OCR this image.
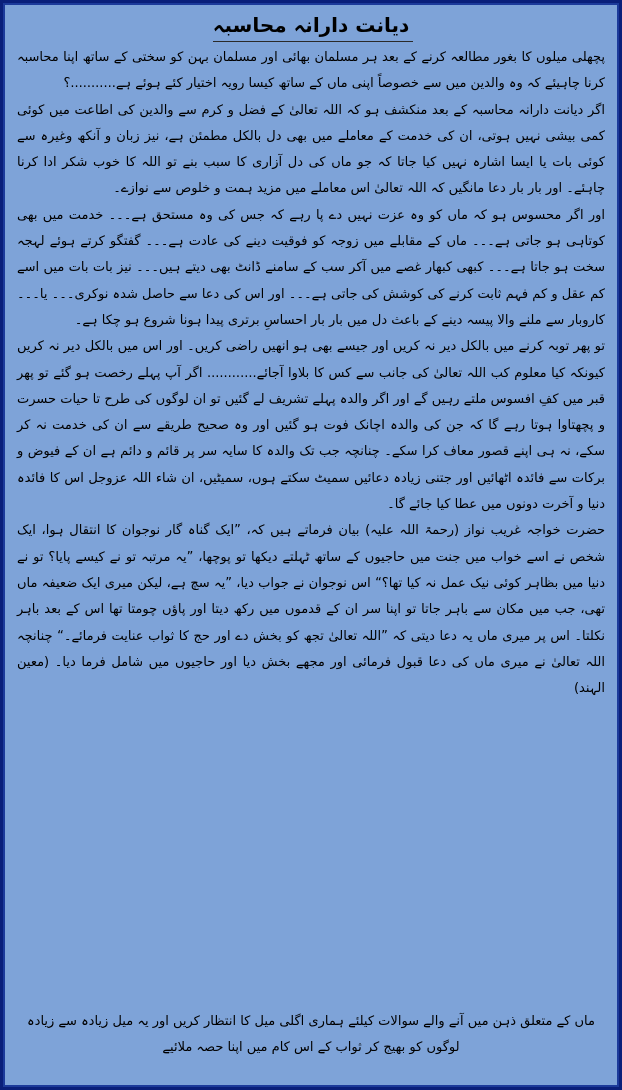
دیانت دارانہ محاسبہ

پچھلی میلوں کا بغور مطالعہ کرنے کے بعد ہر مسلمان بھائی اور مسلمان بہن کو سختی کے ساتھ اپنا محاسبہ کرنا چاہیئے کہ وہ والدین میں سے خصوصاً اپنی ماں کے ساتھ کیسا رویہ اختیار کئے ہوئے ہے...........؟

اگر دیانت دارانہ محاسبہ کے بعد منکشف ہو کہ اللہ تعالیٰ کے فضل و کرم سے والدین کی اطاعت میں کوئی کمی بیشی نہیں ہوتی، ان کی خدمت کے معاملے میں بھی دل بالکل مطمئن ہے، نیز زبان و آنکھ وغیرہ سے کوئی بات یا ایسا اشارہ نہیں کیا جاتا کہ جو ماں کی دل آزاری کا سبب بنے تو اللہ کا خوب شکر ادا کرنا چاہئے۔ اور بار بار دعا مانگیں کہ اللہ تعالیٰ اس معاملے میں مزید ہمت و خلوص سے نوازے۔

اور اگر محسوس ہو کہ ماں کو وہ عزت نہیں دے پا رہے کہ جس کی وہ مستحق ہے۔۔۔ خدمت میں بھی کوتاہی ہو جاتی ہے۔۔۔ ماں کے مقابلے میں زوجہ کو فوقیت دینے کی عادت ہے۔۔۔ گفتگو کرتے ہوئے لہجہ سخت ہو جاتا ہے۔۔۔ کبھی کبھار غصے میں آکر سب کے سامنے ڈانٹ بھی دیتے ہیں۔۔۔ نیز بات بات میں اسے کم عقل و کم فہم ثابت کرنے کی کوشش کی جاتی ہے۔۔۔ اور اس کی دعا سے حاصل شدہ نوکری۔۔۔ یا۔۔۔ کاروبار سے ملنے والا پیسہ دینے کے باعث دل میں بار بار احساسِ برتری پیدا ہونا شروع ہو چکا ہے۔

تو پھر توبہ کرنے میں بالکل دیر نہ کریں اور جیسے بھی ہو انھیں راضی کریں۔ اور اس میں بالکل دیر نہ کریں کیونکہ کیا معلوم کب اللہ تعالیٰ کی جانب سے کس کا بلاوا آجائے............ اگر آپ پہلے رخصت ہو گئے تو پھر قبر میں کفِ افسوس ملتے رہیں گے اور اگر والدہ پہلے تشریف لے گئیں تو ان لوگوں کی طرح تا حیات حسرت و پچھتاوا ہوتا رہے گا کہ جن کی والدہ اچانک فوت ہو گئیں اور وہ صحیح طریقے سے ان کی خدمت نہ کر سکے، نہ ہی اپنے قصور معاف کرا سکے۔ چنانچہ جب تک والدہ کا سایہ سر پر قائم و دائم ہے ان کے فیوض و برکات سے فائدہ اٹھائیں اور جتنی زیادہ دعائیں سمیٹ سکتے ہوں، سمیٹیں، ان شاء اللہ عزوجل اس کا فائدہ دنیا و آخرت دونوں میں عطا کیا جائے گا۔

حضرت خواجہ غریب نواز (رحمۃ اللہ علیہ) بیان فرماتے ہیں کہ، ”ایک گناہ گار نوجوان کا انتقال ہوا، ایک شخص نے اسے خواب میں جنت میں حاجیوں کے ساتھ ٹہلتے دیکھا تو پوچھا، ”یہ مرتبہ تو نے کیسے پایا؟ تو نے دنیا میں بظاہر کوئی نیک عمل نہ کیا تھا؟“ اس نوجوان نے جواب دیا، ”یہ سچ ہے، لیکن میری ایک ضعیفہ ماں تھی، جب میں مکان سے باہر جاتا تو اپنا سر ان کے قدموں میں رکھ دیتا اور پاؤں چومتا تھا اس کے بعد باہر نکلتا۔ اس پر میری ماں یہ دعا دیتی کہ ”اللہ تعالیٰ تجھ کو بخش دے اور حج کا ثواب عنایت فرمائے۔“ چنانچہ اللہ تعالیٰ نے میری ماں کی دعا قبول فرمائی اور مجھے بخش دیا اور حاجیوں میں شامل فرما دیا۔ (معین الہند)

ماں کے متعلق ذہن میں آنے والے سوالات کیلئے ہماری اگلی میل کا انتظار کریں اور یہ میل زیادہ سے زیادہ لوگوں کو بھیج کر ثواب کے اس کام میں اپنا حصہ ملائیے
